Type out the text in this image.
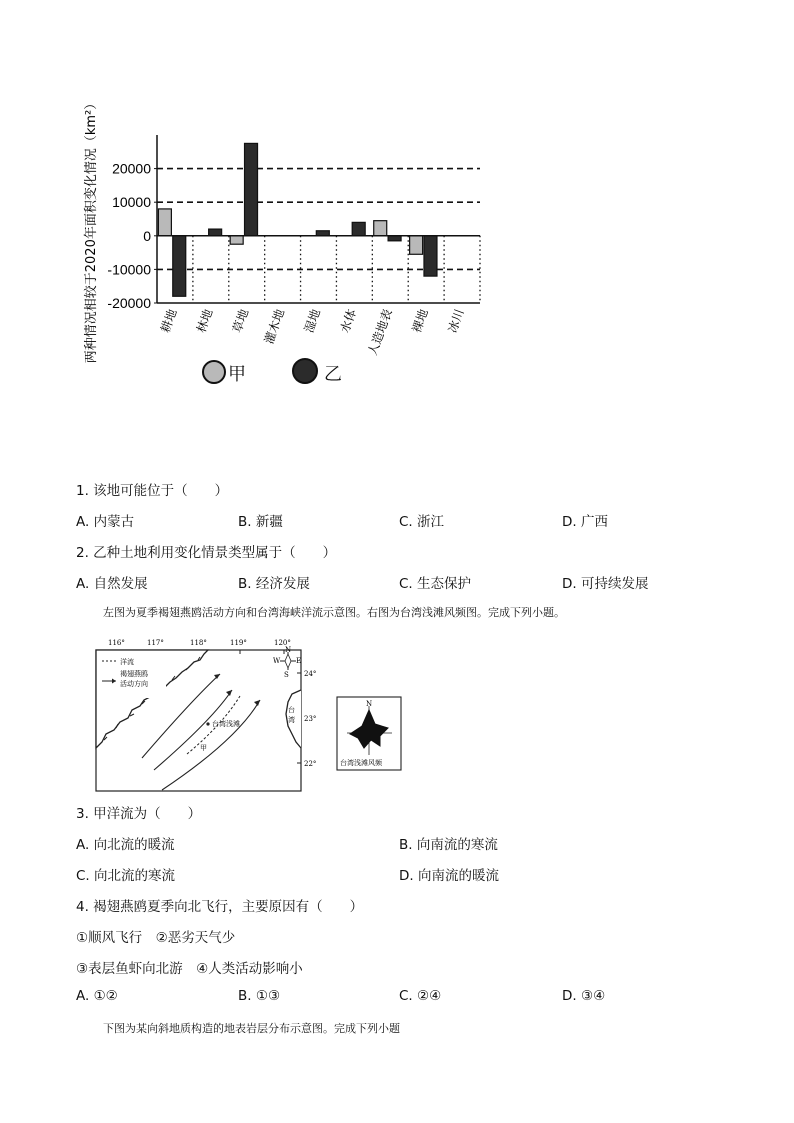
20000
10000
0
-10000
-20000
耕地 林地 草地 灌木地 湿地 水体 人造地表 裸地 冰川
两种情况相较于2020年面积变化情况（km²）
甲	乙
1. 该地可能位于（　　）
A. 内蒙古	B. 新疆	C. 浙江	D. 广西
2. 乙种土地利用变化情景类型属于（　　）
A. 自然发展	B. 经济发展	C. 生态保护	D. 可持续发展
左图为夏季褐翅燕鸥活动方向和台湾海峡洋流示意图。右图为台湾浅滩风频图。完成下列小题。
116°	117°	118°	119°	120°
24°
23°
22°
洋流
褐翅燕鸥
活动方向
台
湾
台湾浅滩
甲
N
S
W E
N
台湾浅滩风频
3. 甲洋流为（　　）
A. 向北流的暖流	B. 向南流的寒流
C. 向北流的寒流	D. 向南流的暖流
4. 褐翅燕鸥夏季向北飞行，主要原因有（　　）
①顺风飞行　②恶劣天气少
③表层鱼虾向北游　④人类活动影响小
A. ①②	B. ①③	C. ②④	D. ③④
下图为某向斜地质构造的地表岩层分布示意图。完成下列小题
